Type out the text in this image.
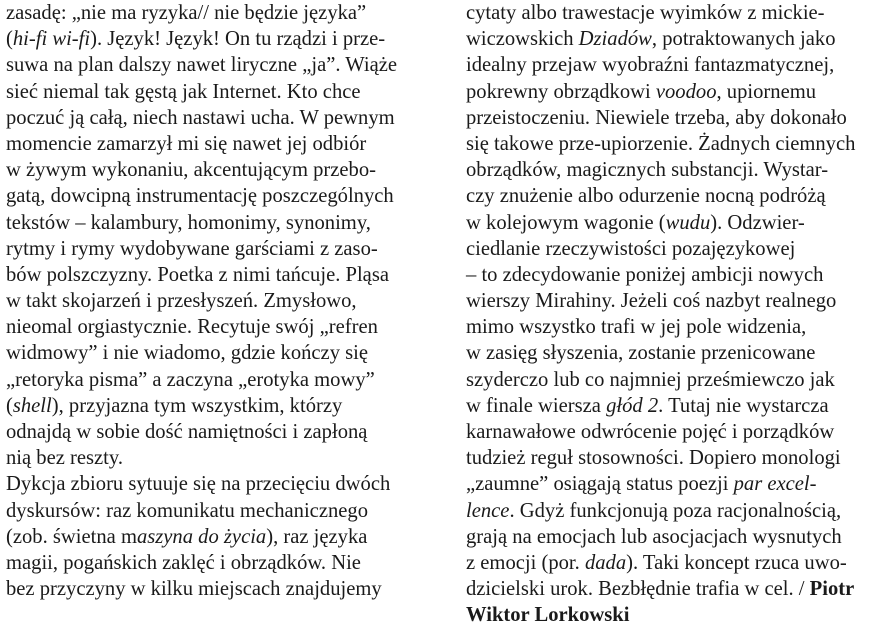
zasadę: „nie ma ryzyka// nie będzie języka”
(hi-fi wi-fi). Język! Język! On tu rządzi i prze-
suwa na plan dalszy nawet liryczne „ja”. Wiąże
sieć niemal tak gęstą jak Internet. Kto chce
poczuć ją całą, niech nastawi ucha. W pewnym
momencie zamarzył mi się nawet jej odbiór
w żywym wykonaniu, akcentującym przebo-
gatą, dowcipną instrumentację poszczególnych
tekstów – kalambury, homonimy, synonimy,
rytmy i rymy wydobywane garściami z zaso-
bów polszczyzny. Poetka z nimi tańcuje. Pląsa
w takt skojarzeń i przesłyszeń. Zmysłowo,
nieomal orgiastycznie. Recytuje swój „refren
widmowy” i nie wiadomo, gdzie kończy się
„retoryka pisma” a zaczyna „erotyka mowy”
(shell), przyjazna tym wszystkim, którzy
odnajdą w sobie dość namiętności i zapłoną
nią bez reszty.
Dykcja zbioru sytuuje się na przecięciu dwóch
dyskursów: raz komunikatu mechanicznego
(zob. świetna maszyna do życia), raz języka
magii, pogańskich zaklęć i obrządków. Nie
bez przyczyny w kilku miejscach znajdujemy
cytaty albo trawestacje wyimków z mickie-
wiczowskich Dziadów, potraktowanych jako
idealny przejaw wyobraźni fantazmatycznej,
pokrewny obrządkowi voodoo, upiornemu
przeistoczeniu. Niewiele trzeba, aby dokonało
się takowe prze-upiorzenie. Żadnych ciemnych
obrządków, magicznych substancji. Wystar-
czy znużenie albo odurzenie nocną podróżą
w kolejowym wagonie (wudu). Odzwier-
ciedlanie rzeczywistości pozajęzykowej
– to zdecydowanie poniżej ambicji nowych
wierszy Mirahiny. Jeżeli coś nazbyt realnego
mimo wszystko trafi w jej pole widzenia,
w zasięg słyszenia, zostanie przenicowane
szyderczo lub co najmniej prześmiewczo jak
w finale wiersza głód 2. Tutaj nie wystarcza
karnawałowe odwrócenie pojęć i porządków
tudzież reguł stosowności. Dopiero monologi
„zaumne” osiągają status poezji par excel-
lence. Gdyż funkcjonują poza racjonalnością,
grają na emocjach lub asocjacjach wysnutych
z emocji (por. dada). Taki koncept rzuca uwo-
dzicielski urok. Bezbłędnie trafia w cel. / Piotr
Wiktor Lorkowski
